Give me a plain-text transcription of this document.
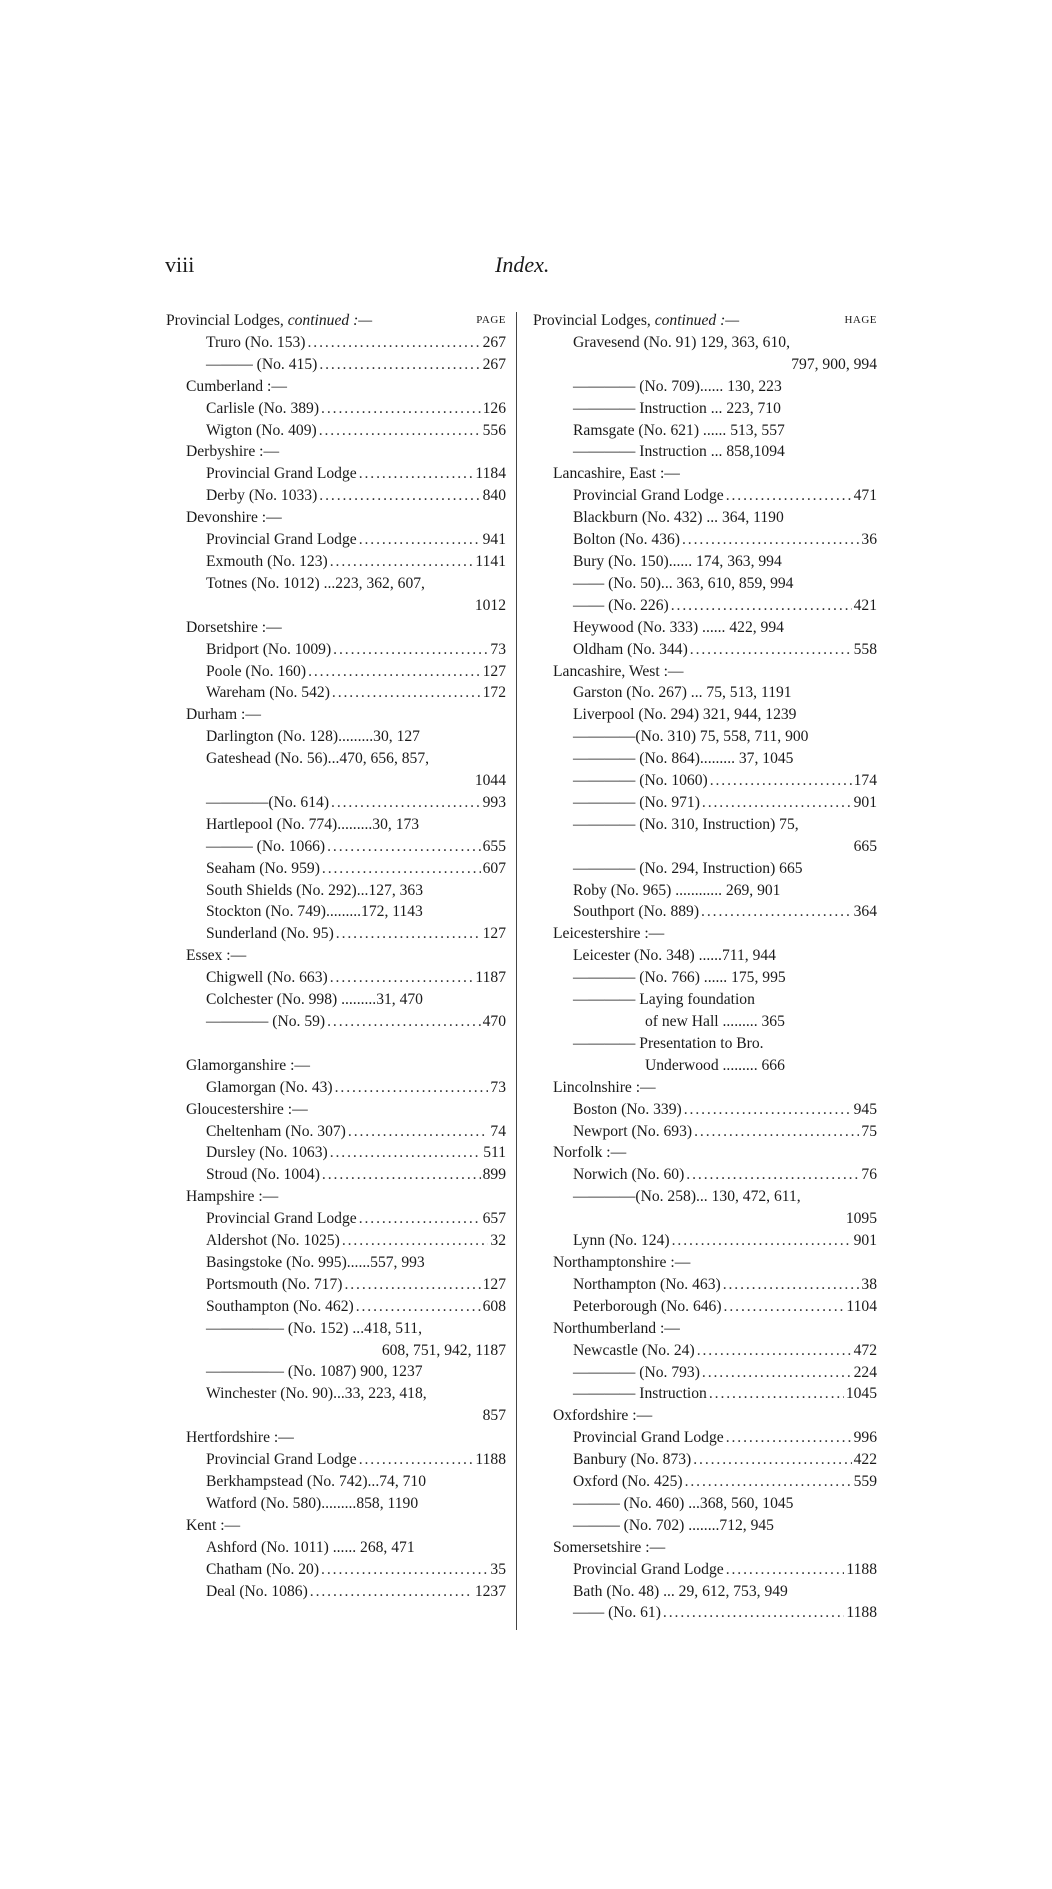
viii	Index.
Provincial Lodges, continued :—	PAGE
Truro (No. 153) . . .	267
——— (No. 415) . . .	267
Cumberland :—
Carlisle (No. 389) . . .	126
Wigton (No. 409) . . .	556
Derbyshire :—
Provincial Grand Lodge . . .	1184
Derby (No. 1033) . . .	840
Devonshire :—
Provincial Grand Lodge . . .	941
Exmouth (No. 123) . . .	1141
Totnes (No. 1012) ...223, 362, 607,
1012
Dorsetshire :—
Bridport (No. 1009) . . .	73
Poole (No. 160) . . .	127
Wareham (No. 542) . . .	172
Durham :—
Darlington (No. 128).........30, 127
Gateshead (No. 56)...470, 656, 857,
1044
————(No. 614) . . .	993
Hartlepool (No. 774).........30, 173
——— (No. 1066) . . .	655
Seaham (No. 959) . . .	607
South Shields (No. 292)...127, 363
Stockton (No. 749).........172, 1143
Sunderland (No. 95) . . .	127
Essex :—
Chigwell (No. 663) . . .	1187
Colchester (No. 998) .........31, 470
———— (No. 59) . . .	470
Glamorganshire :—
Glamorgan (No. 43) . . .	73
Gloucestershire :—
Cheltenham (No. 307) . . .	74
Dursley (No. 1063) . . .	511
Stroud (No. 1004) . . .	899
Hampshire :—
Provincial Grand Lodge . . .	657
Aldershot (No. 1025) . . .	32
Basingstoke (No. 995)......557, 993
Portsmouth (No. 717) . . .	127
Southampton (No. 462) . . .	608
————— (No. 152) ...418, 511,
608, 751, 942, 1187
————— (No. 1087) 900, 1237
Winchester (No. 90)...33, 223, 418,
857
Hertfordshire :—
Provincial Grand Lodge . . .	1188
Berkhampstead (No. 742)...74, 710
Watford (No. 580).........858, 1190
Kent :—
Ashford (No. 1011) ...... 268, 471
Chatham (No. 20) . . .	35
Deal (No. 1086) . . .	1237
Provincial Lodges, continued :—	HAGE
Gravesend (No. 91) 129, 363, 610,
797, 900, 994
———— (No. 709)...... 130, 223
———— Instruction ... 223, 710
Ramsgate (No. 621) ...... 513, 557
———— Instruction ... 858,1094
Lancashire, East :—
Provincial Grand Lodge . . .	471
Blackburn (No. 432) ... 364, 1190
Bolton (No. 436) . . .	36
Bury (No. 150)...... 174, 363, 994
—— (No. 50)... 363, 610, 859, 994
—— (No. 226) . . .	421
Heywood (No. 333) ...... 422, 994
Oldham (No. 344) . . .	558
Lancashire, West :—
Garston (No. 267) ... 75, 513, 1191
Liverpool (No. 294) 321, 944, 1239
————(No. 310) 75, 558, 711, 900
———— (No. 864)......... 37, 1045
———— (No. 1060) . . .	174
———— (No. 971) . . .	901
———— (No. 310, Instruction) 75,
665
———— (No. 294, Instruction) 665
Roby (No. 965) ............ 269, 901
Southport (No. 889) . . .	364
Leicestershire :—
Leicester (No. 348) ......711, 944
———— (No. 766) ...... 175, 995
———— Laying foundation
of new Hall ......... 365
———— Presentation to Bro.
Underwood ......... 666
Lincolnshire :—
Boston (No. 339) . . .	945
Newport (No. 693) . . .	75
Norfolk :—
Norwich (No. 60) . . .	76
————(No. 258)... 130, 472, 611,
1095
Lynn (No. 124) . . .	901
Northamptonshire :—
Northampton (No. 463) . . .	38
Peterborough (No. 646) . . .	1104
Northumberland :—
Newcastle (No. 24) . . .	472
———— (No. 793) . . .	224
———— Instruction . . .	1045
Oxfordshire :—
Provincial Grand Lodge . . .	996
Banbury (No. 873) . . .	422
Oxford (No. 425) . . .	559
——— (No. 460) ...368, 560, 1045
——— (No. 702) ........712, 945
Somersetshire :—
Provincial Grand Lodge . . .	1188
Bath (No. 48) ... 29, 612, 753, 949
—— (No. 61) . . .	1188
